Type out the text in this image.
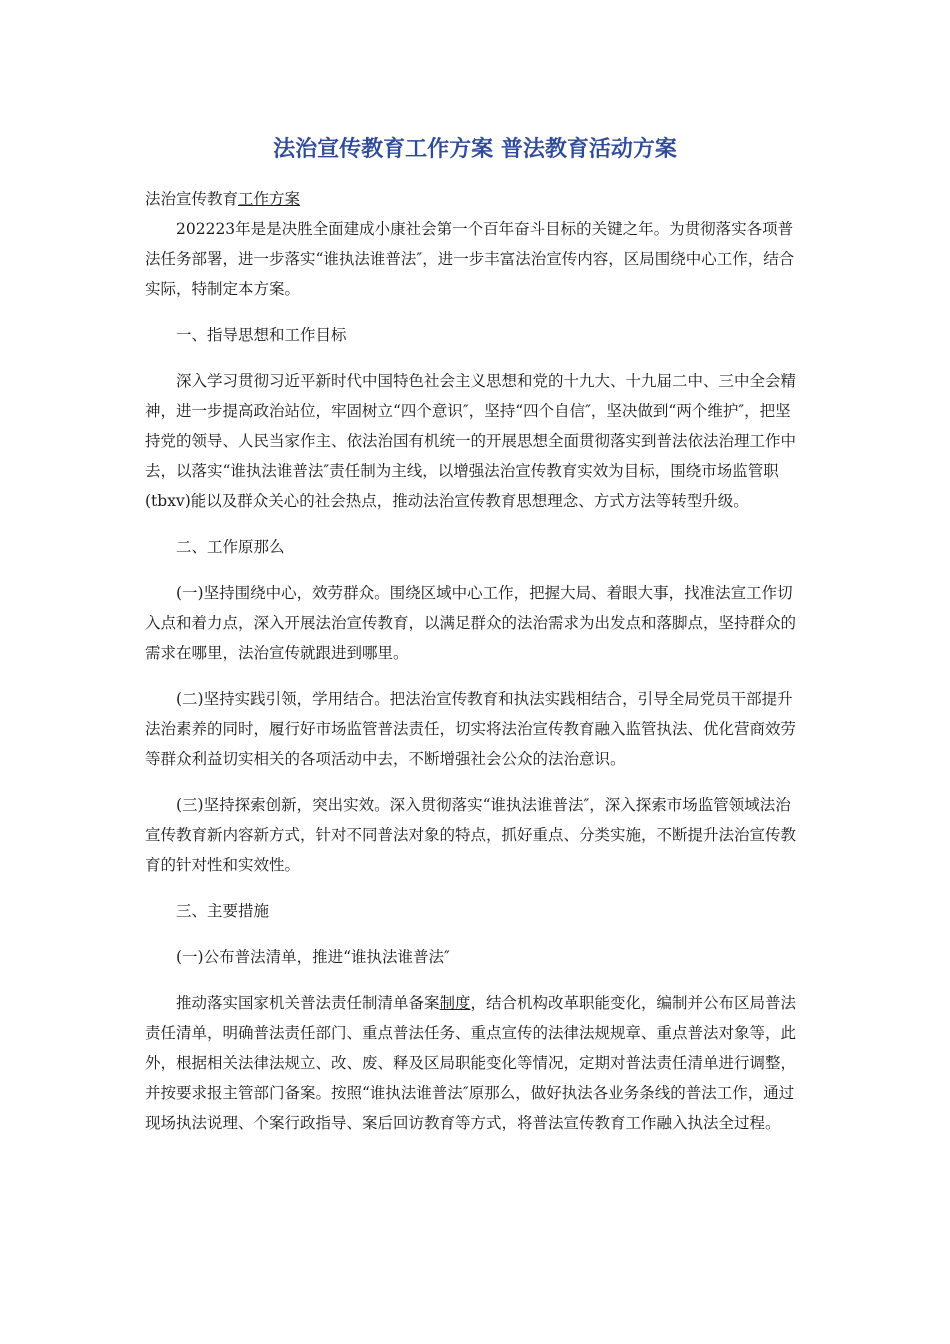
法治宣传教育工作方案 普法教育活动方案

法治宣传教育工作方案

202223年是是决胜全面建成小康社会第一个百年奋斗目标的关键之年。为贯彻落实各项普法任务部署，进一步落实“谁执法谁普法″，进一步丰富法治宣传内容，区局围绕中心工作，结合实际，特制定本方案。

一、指导思想和工作目标

深入学习贯彻习近平新时代中国特色社会主义思想和党的十九大、十九届二中、三中全会精神，进一步提高政治站位，牢固树立“四个意识″，坚持“四个自信″，坚决做到“两个维护″，把坚持党的领导、人民当家作主、依法治国有机统一的开展思想全面贯彻落实到普法依法治理工作中去，以落实“谁执法谁普法″责任制为主线，以增强法治宣传教育实效为目标，围绕市场监管职(tbxv)能以及群众关心的社会热点，推动法治宣传教育思想理念、方式方法等转型升级。

二、工作原那么

(一)坚持围绕中心，效劳群众。围绕区域中心工作，把握大局、着眼大事，找准法宣工作切入点和着力点，深入开展法治宣传教育，以满足群众的法治需求为出发点和落脚点，坚持群众的需求在哪里，法治宣传就跟进到哪里。

(二)坚持实践引领，学用结合。把法治宣传教育和执法实践相结合，引导全局党员干部提升法治素养的同时，履行好市场监管普法责任，切实将法治宣传教育融入监管执法、优化营商效劳等群众利益切实相关的各项活动中去，不断增强社会公众的法治意识。

(三)坚持探索创新，突出实效。深入贯彻落实“谁执法谁普法″，深入探索市场监管领域法治宣传教育新内容新方式，针对不同普法对象的特点，抓好重点、分类实施，不断提升法治宣传教育的针对性和实效性。

三、主要措施

(一)公布普法清单，推进“谁执法谁普法″

推动落实国家机关普法责任制清单备案制度，结合机构改革职能变化，编制并公布区局普法责任清单，明确普法责任部门、重点普法任务、重点宣传的法律法规规章、重点普法对象等，此外，根据相关法律法规立、改、废、释及区局职能变化等情况，定期对普法责任清单进行调整，并按要求报主管部门备案。按照“谁执法谁普法″原那么，做好执法各业务条线的普法工作，通过现场执法说理、个案行政指导、案后回访教育等方式，将普法宣传教育工作融入执法全过程。
